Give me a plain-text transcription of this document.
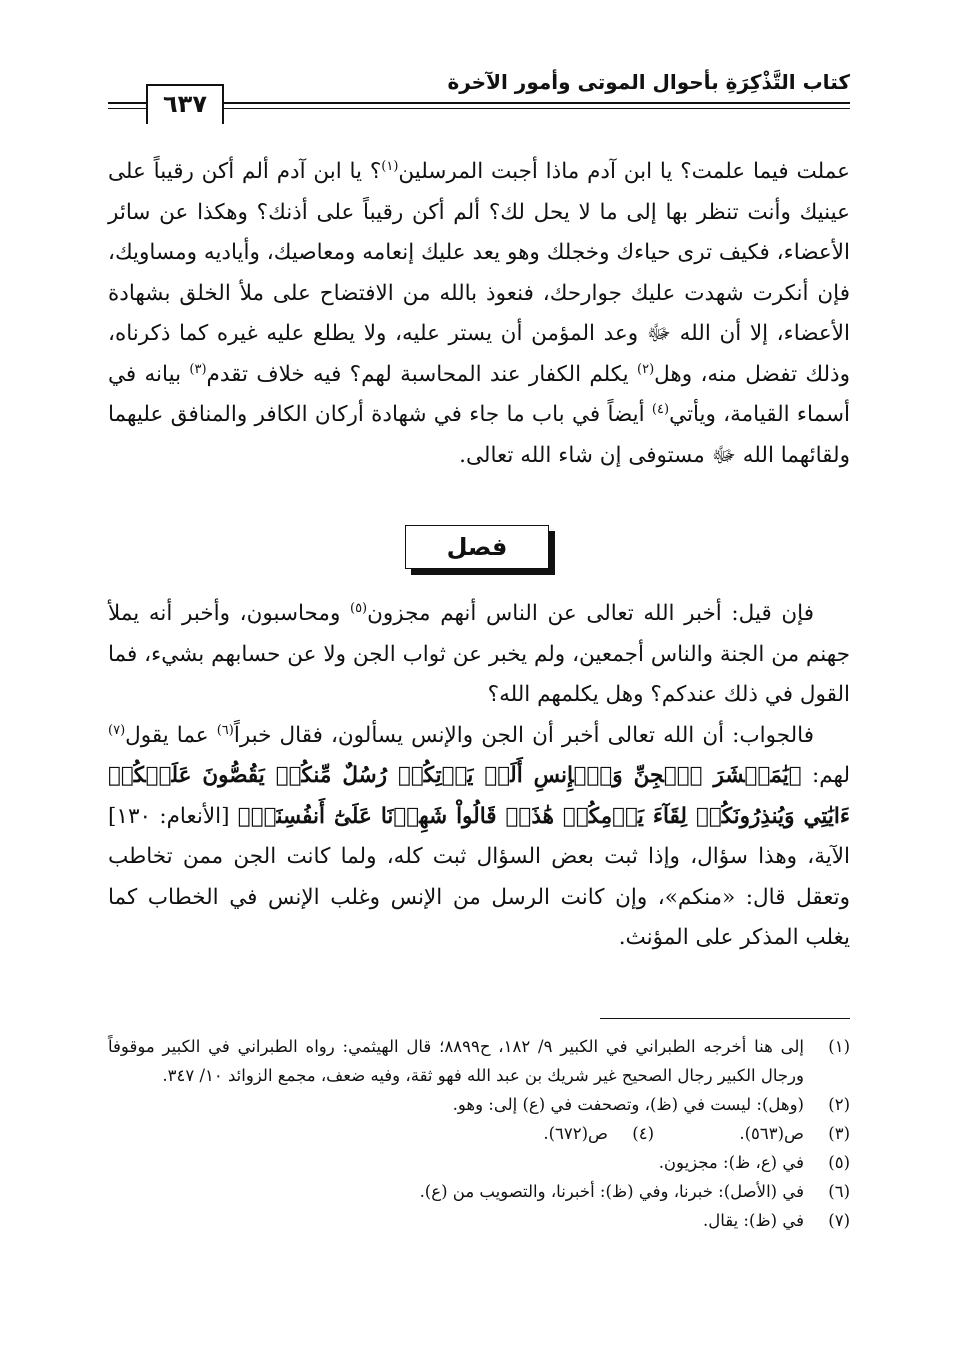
كتاب التَّذْكِرَةِ بأحوال الموتى وأمور الآخرة
٦٣٧

عملت فيما علمت؟ يا ابن آدم ماذا أجبت المرسلين$^{(١)}$؟ يا ابن آدم ألم أكن رقيباً على عينيك وأنت تنظر بها إلى ما لا يحل لك؟ ألم أكن رقيباً على أذنك؟ وهكذا عن سائر الأعضاء، فكيف ترى حياءك وخجلك وهو يعد عليك إنعامه ومعاصيك، وأياديه ومساويك، فإن أنكرت شهدت عليك جوارحك، فنعوذ بالله من الافتضاح على ملأ الخلق بشهادة الأعضاء، إلا أن الله ﷻ وعد المؤمن أن يستر عليه، ولا يطلع عليه غيره كما ذكرناه، وذلك تفضل منه، وهل$^{(٢)}$ يكلم الكفار عند المحاسبة لهم؟ فيه خلاف تقدم$^{(٣)}$ بيانه في أسماء القيامة، ويأتي$^{(٤)}$ أيضاً في باب ما جاء في شهادة أركان الكافر والمنافق عليهما ولقائهما الله ﷻ مستوفى إن شاء الله تعالى.

فصل

فإن قيل: أخبر الله تعالى عن الناس أنهم مجزون$^{(٥)}$ ومحاسبون، وأخبر أنه يملأ جهنم من الجنة والناس أجمعين، ولم يخبر عن ثواب الجن ولا عن حسابهم بشيء، فما القول في ذلك عندكم؟ وهل يكلمهم الله؟

فالجواب: أن الله تعالى أخبر أن الجن والإنس يسألون، فقال خبراً$^{(٦)}$ عما يقول$^{(٧)}$ لهم: ﴿يَٰمَعۡشَرَ ٱلۡجِنِّ وَٱلۡإِنسِ أَلَمۡ يَأۡتِكُمۡ رُسُلٌ مِّنكُمۡ يَقُصُّونَ عَلَيۡكُمۡ ءَايَٰتِي وَيُنذِرُونَكُمۡ لِقَآءَ يَوۡمِكُمۡ هَٰذَاۚ قَالُواْ شَهِدۡنَا عَلَىٰٓ أَنفُسِنَاۖ﴾ [الأنعام: ١٣٠] الآية، وهذا سؤال، وإذا ثبت بعض السؤال ثبت كله، ولما كانت الجن ممن تخاطب وتعقل قال: «منكم»، وإن كانت الرسل من الإنس وغلب الإنس في الخطاب كما يغلب المذكر على المؤنث.

(١)
إلى هنا أخرجه الطبراني في الكبير ٩/ ١٨٢، ح٨٨٩٩؛ قال الهيثمي: رواه الطبراني في الكبير موقوفاً ورجال الكبير رجال الصحيح غير شريك بن عبد الله فهو ثقة، وفيه ضعف، مجمع الزوائد ١٠/ ٣٤٧.
(٢)
(وهل): ليست في (ظ)، وتصحفت في (ع) إلى: وهو.
(٣)
ص(٥٦٣).
(٤)
ص(٦٧٢).
(٥)
في (ع، ظ): مجزيون.
(٦)
في (الأصل): خبرنا، وفي (ظ): أخبرنا، والتصويب من (ع).
(٧)
في (ظ): يقال.
